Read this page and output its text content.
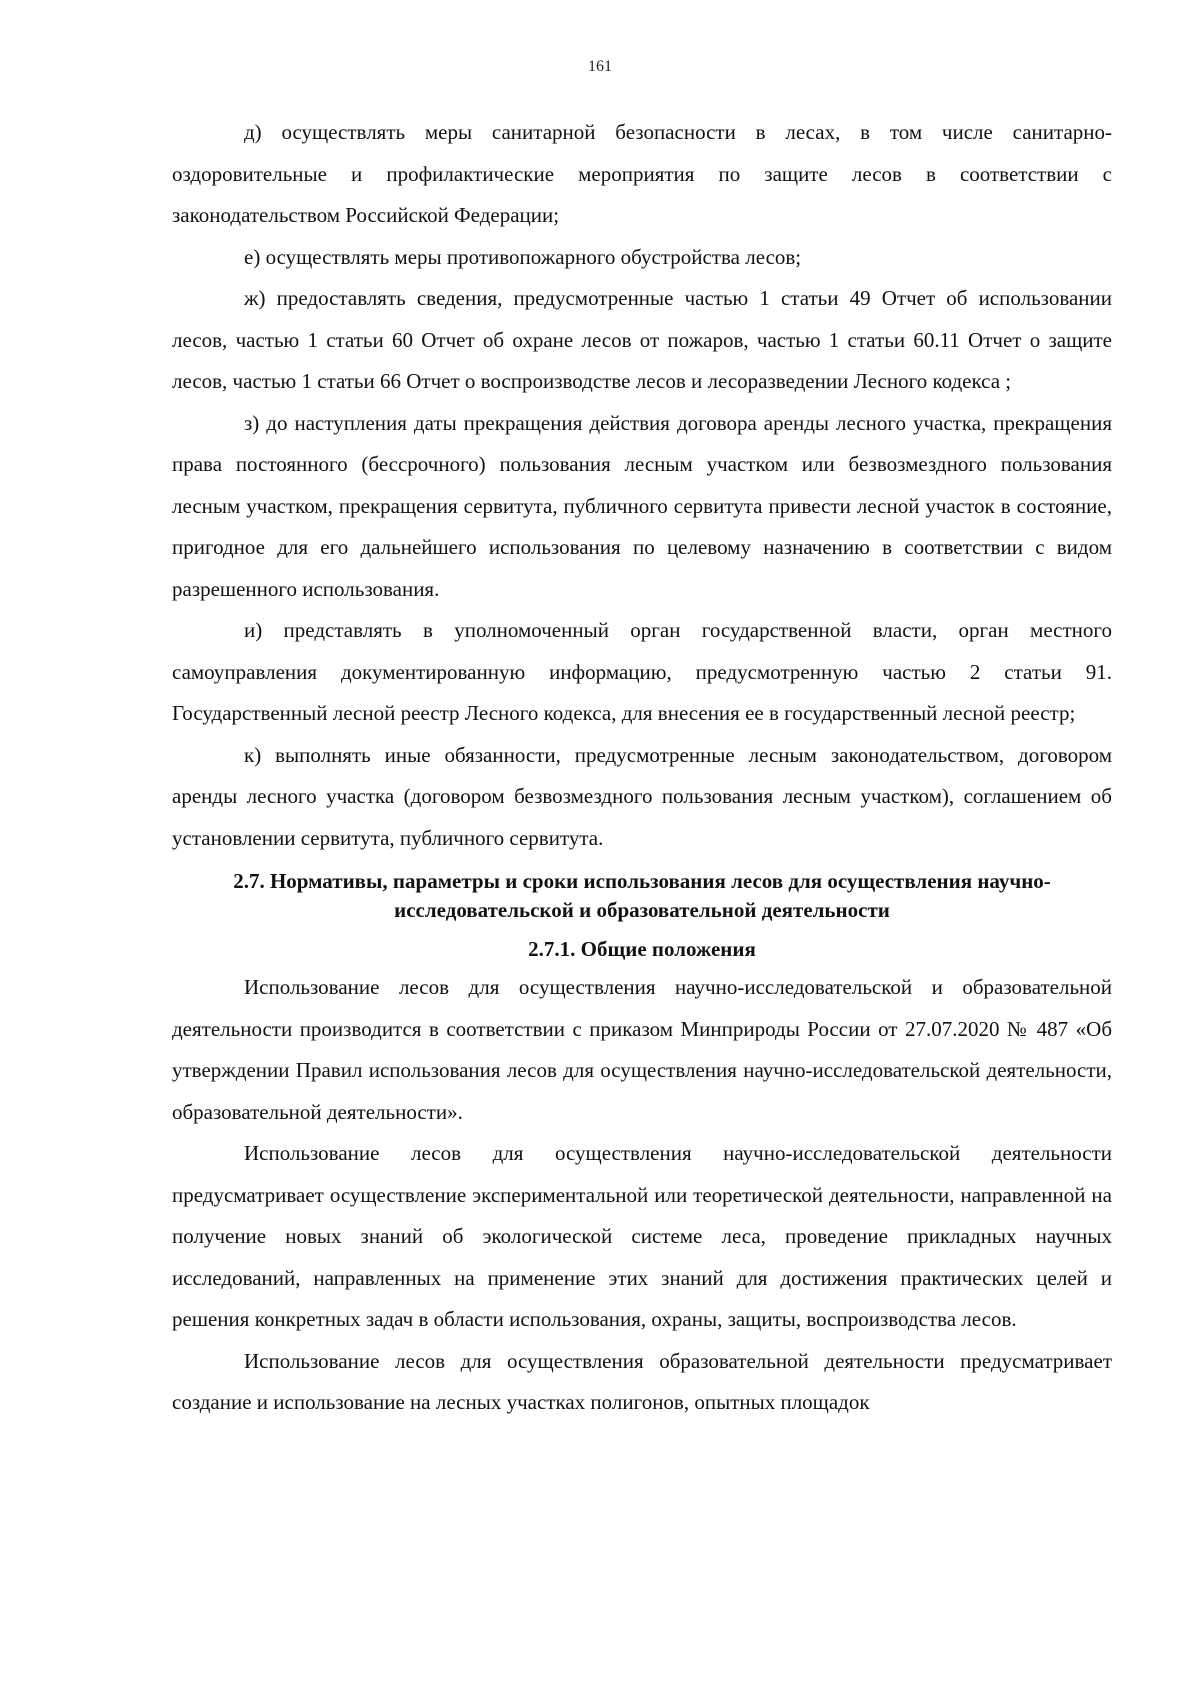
161

д) осуществлять меры санитарной безопасности в лесах, в том числе санитарно-оздоровительные и профилактические мероприятия по защите лесов в соответствии с законодательством Российской Федерации;

е) осуществлять меры противопожарного обустройства лесов;

ж) предоставлять сведения, предусмотренные частью 1 статьи 49 Отчет об использовании лесов, частью 1 статьи 60 Отчет об охране лесов от пожаров, частью 1 статьи 60.11 Отчет о защите лесов, частью 1 статьи 66 Отчет о воспроизводстве лесов и лесоразведении Лесного кодекса ;

з) до наступления даты прекращения действия договора аренды лесного участка, прекращения права постоянного (бессрочного) пользования лесным участком или безвозмездного пользования лесным участком, прекращения сервитута, публичного сервитута привести лесной участок в состояние, пригодное для его дальнейшего использования по целевому назначению в соответствии с видом разрешенного использования.

и) представлять в уполномоченный орган государственной власти, орган местного самоуправления документированную информацию, предусмотренную частью 2 статьи 91. Государственный лесной реестр Лесного кодекса, для внесения ее в государственный лесной реестр;

к) выполнять иные обязанности, предусмотренные лесным законодательством, договором аренды лесного участка (договором безвозмездного пользования лесным участком), соглашением об установлении сервитута, публичного сервитута.

2.7. Нормативы, параметры и сроки использования лесов для осуществления научно-исследовательской и образовательной деятельности
2.7.1. Общие положения

Использование лесов для осуществления научно-исследовательской и образовательной деятельности производится в соответствии с приказом Минприроды России от 27.07.2020 № 487 «Об утверждении Правил использования лесов для осуществления научно-исследовательской деятельности, образовательной деятельности».

Использование лесов для осуществления научно-исследовательской деятельности предусматривает осуществление экспериментальной или теоретической деятельности, направленной на получение новых знаний об экологической системе леса, проведение прикладных научных исследований, направленных на применение этих знаний для достижения практических целей и решения конкретных задач в области использования, охраны, защиты, воспроизводства лесов.

Использование лесов для осуществления образовательной деятельности предусматривает создание и использование на лесных участках полигонов, опытных площадок
